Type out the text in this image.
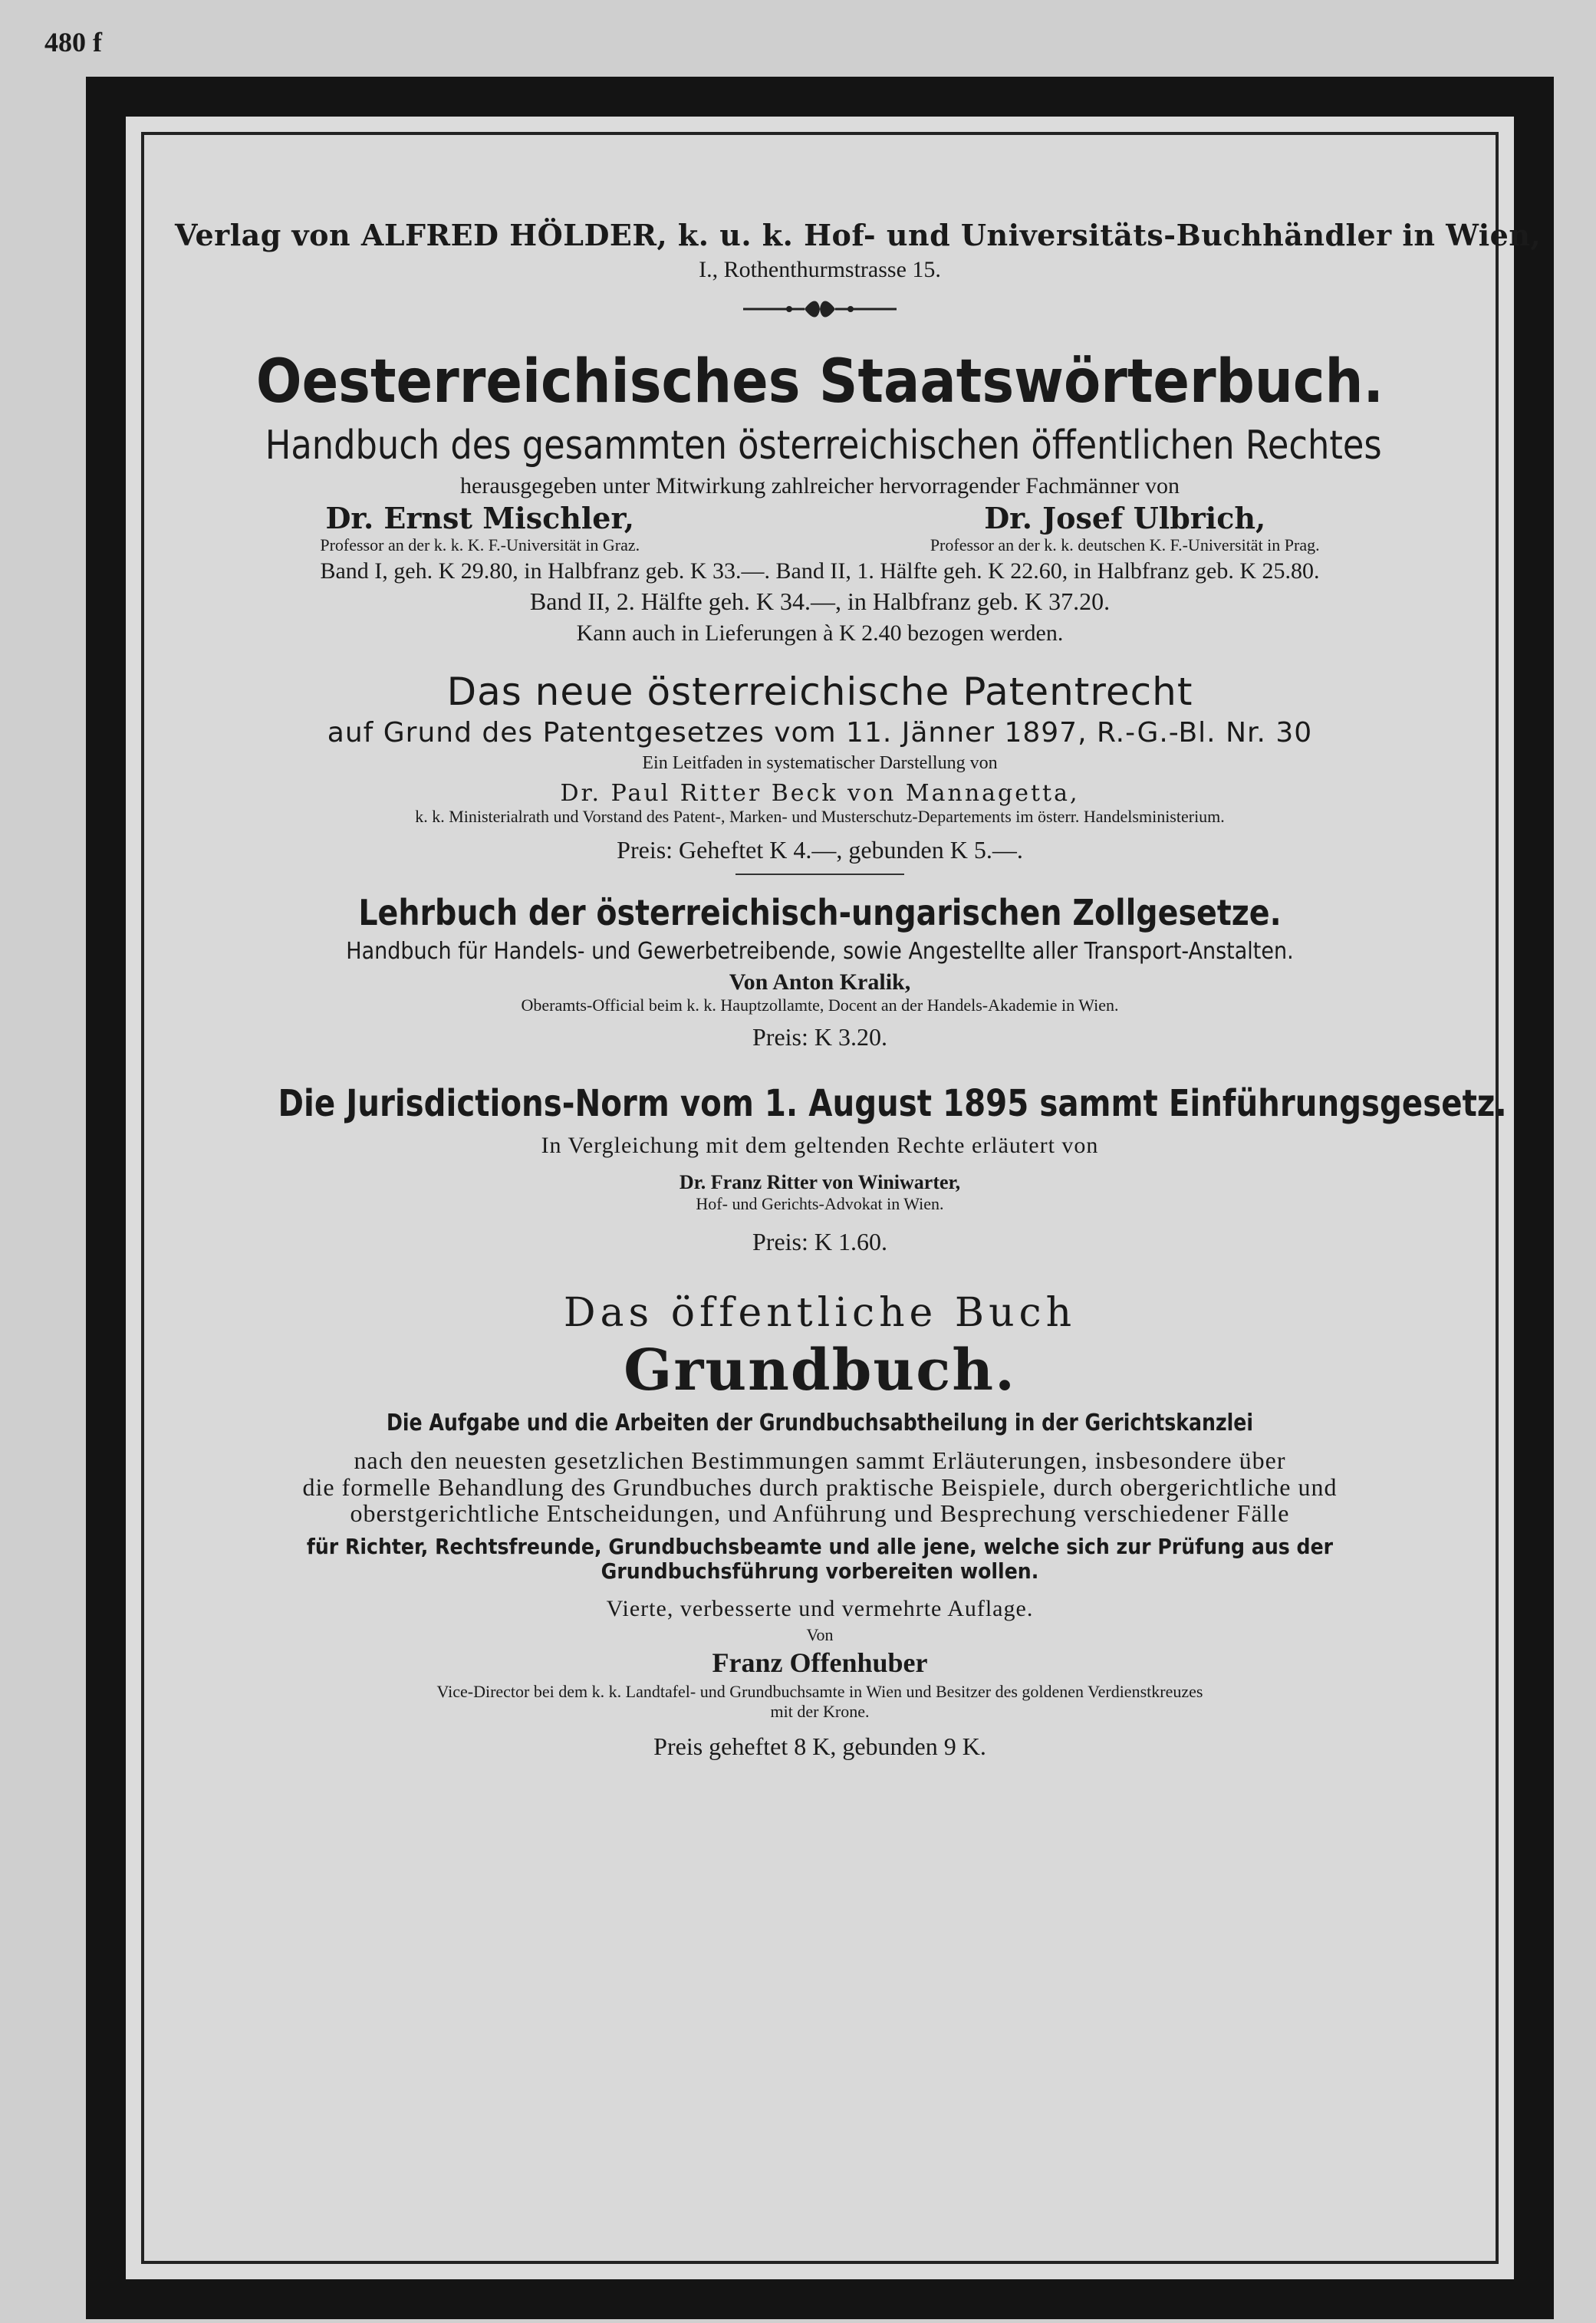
480 f
Verlag von ALFRED HÖLDER, k. u. k. Hof- und Universitäts-Buchhändler in Wien,
I., Rothenthurmstrasse 15.
Oesterreichisches Staatswörterbuch.
Handbuch des gesammten österreichischen öffentlichen Rechtes
herausgegeben unter Mitwirkung zahlreicher hervorragender Fachmänner von
Dr. Ernst Mischler,
Professor an der k. k. K. F.-Universität in Graz.
Dr. Josef Ulbrich,
Professor an der k. k. deutschen K. F.-Universität in Prag.
Band I, geh. K 29.80, in Halbfranz geb. K 33.—. Band II, 1. Hälfte geh. K 22.60, in Halbfranz geb. K 25.80.
Band II, 2. Hälfte geh. K 34.—, in Halbfranz geb. K 37.20.
Kann auch in Lieferungen à K 2.40 bezogen werden.
Das neue österreichische Patentrecht
auf Grund des Patentgesetzes vom 11. Jänner 1897, R.-G.-Bl. Nr. 30
Ein Leitfaden in systematischer Darstellung von
Dr. Paul Ritter Beck von Mannagetta,
k. k. Ministerialrath und Vorstand des Patent-, Marken- und Musterschutz-Departements im österr. Handelsministerium.
Preis: Geheftet K 4.—, gebunden K 5.—.
Lehrbuch der österreichisch-ungarischen Zollgesetze.
Handbuch für Handels- und Gewerbetreibende, sowie Angestellte aller Transport-Anstalten.
Von Anton Kralik,
Oberamts-Official beim k. k. Hauptzollamte, Docent an der Handels-Akademie in Wien.
Preis: K 3.20.
Die Jurisdictions-Norm vom 1. August 1895 sammt Einführungsgesetz.
In Vergleichung mit dem geltenden Rechte erläutert von
Dr. Franz Ritter von Winiwarter,
Hof- und Gerichts-Advokat in Wien.
Preis: K 1.60.
Das öffentliche Buch
Grundbuch.
Die Aufgabe und die Arbeiten der Grundbuchsabtheilung in der Gerichtskanzlei
nach den neuesten gesetzlichen Bestimmungen sammt Erläuterungen, insbesondere über
die formelle Behandlung des Grundbuches durch praktische Beispiele, durch obergerichtliche und
oberstgerichtliche Entscheidungen, und Anführung und Besprechung verschiedener Fälle
für Richter, Rechtsfreunde, Grundbuchsbeamte und alle jene, welche sich zur Prüfung aus der
Grundbuchsführung vorbereiten wollen.
Vierte, verbesserte und vermehrte Auflage.
Von
Franz Offenhuber
Vice-Director bei dem k. k. Landtafel- und Grundbuchsamte in Wien und Besitzer des goldenen Verdienstkreuzes
mit der Krone.
Preis geheftet 8 K, gebunden 9 K.
